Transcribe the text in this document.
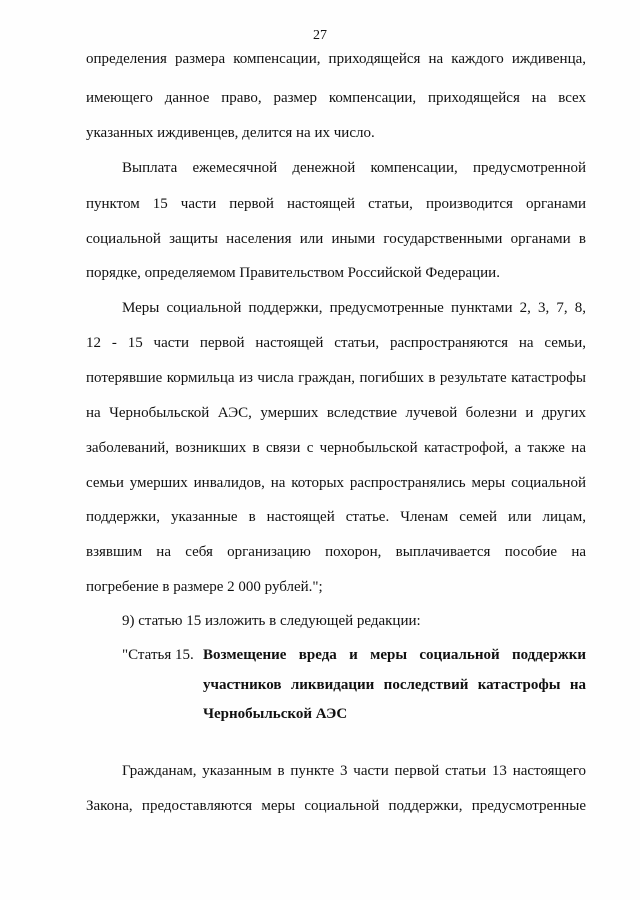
27
определения размера компенсации, приходящейся на каждого иждивенца,
имеющего данное право, размер компенсации, приходящейся на всех
указанных иждивенцев, делится на их число.
Выплата ежемесячной денежной компенсации, предусмотренной
пунктом 15 части первой настоящей статьи, производится органами
социальной защиты населения или иными государственными органами в
порядке, определяемом Правительством Российской Федерации.
Меры социальной поддержки, предусмотренные пунктами 2, 3, 7, 8,
12 - 15 части первой настоящей статьи, распространяются на семьи,
потерявшие кормильца из числа граждан, погибших в результате катастрофы
на Чернобыльской АЭС, умерших вследствие лучевой болезни и других
заболеваний, возникших в связи с чернобыльской катастрофой, а также на
семьи умерших инвалидов, на которых распространялись меры социальной
поддержки, указанные в настоящей статье. Членам семей или лицам,
взявшим на себя организацию похорон, выплачивается пособие на
погребение в размере 2 000 рублей.";
9) статью 15 изложить в следующей редакции:
"Статья 15. Возмещение вреда и меры социальной поддержки
участников ликвидации последствий катастрофы на
Чернобыльской АЭС
Гражданам, указанным в пункте 3 части первой статьи 13 настоящего
Закона, предоставляются меры социальной поддержки, предусмотренные
